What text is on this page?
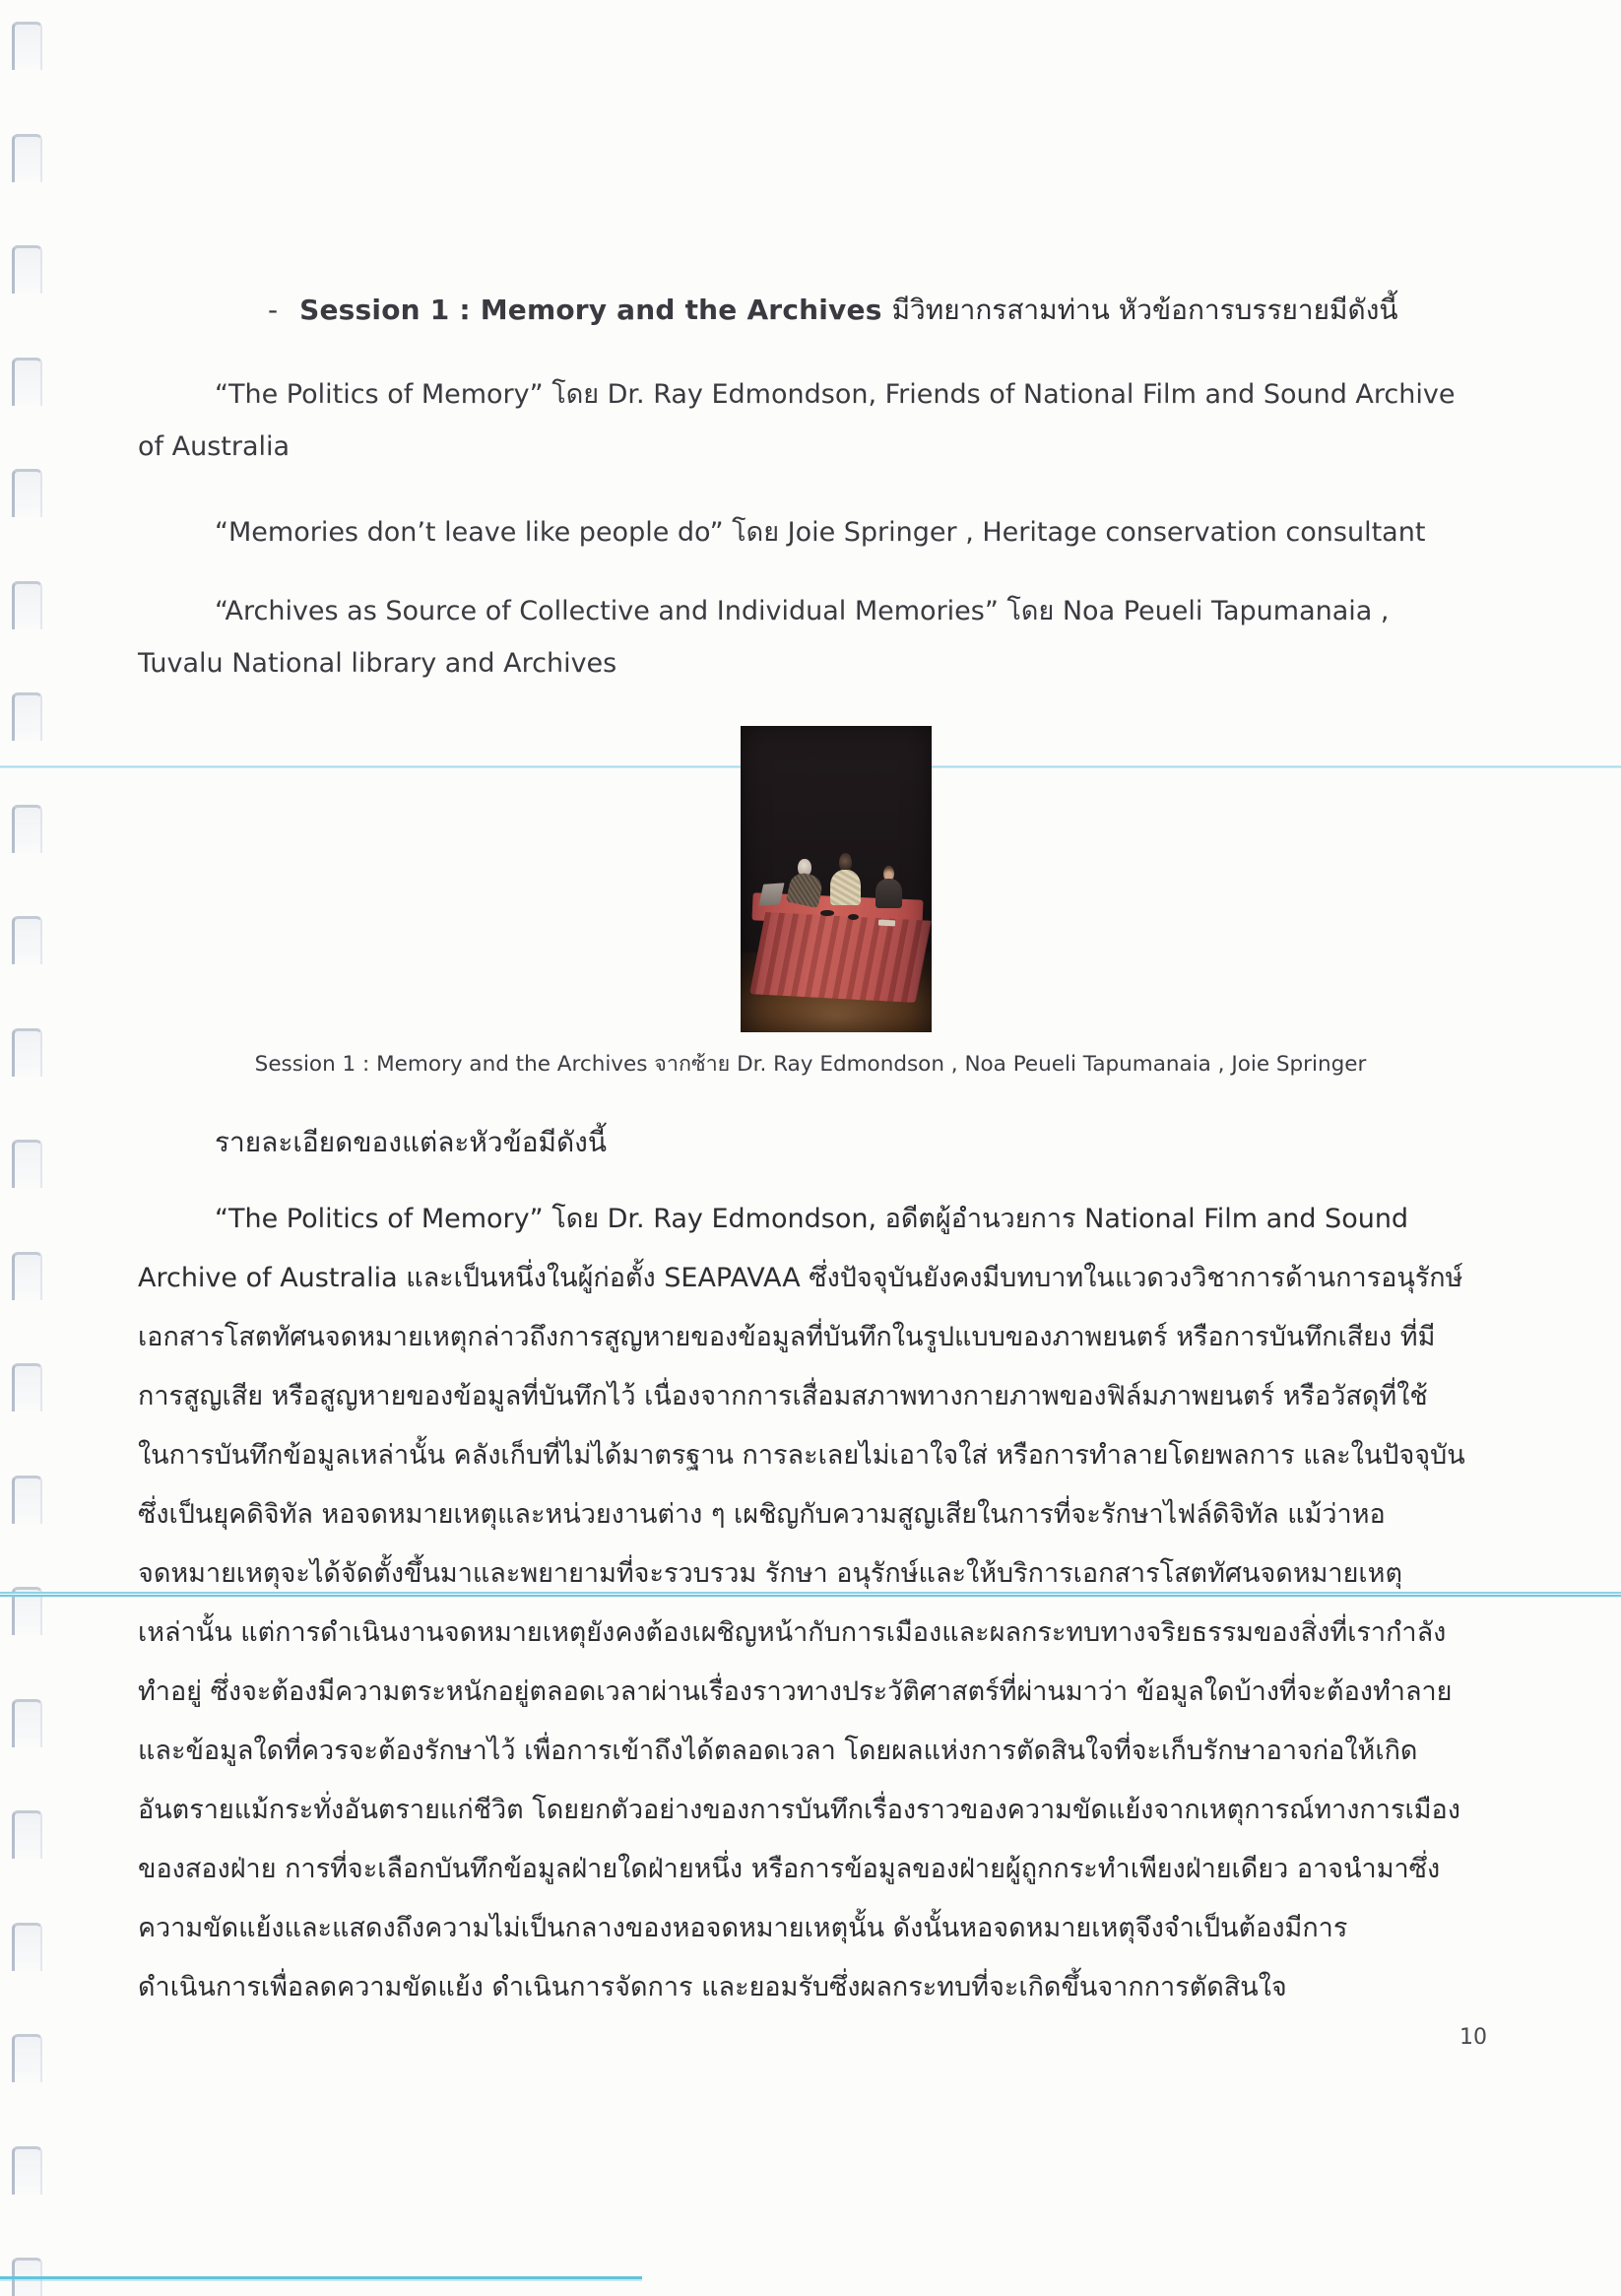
- Session 1 : Memory and the Archives มีวิทยากรสามท่าน หัวข้อการบรรยายมีดังนี้
“The Politics of Memory” โดย Dr. Ray Edmondson, Friends of National Film and Sound Archive
of Australia
“Memories don’t leave like people do” โดย Joie Springer , Heritage conservation consultant
“Archives as Source of Collective and Individual Memories” โดย Noa Peueli Tapumanaia ,
Tuvalu National library and Archives
Session 1 : Memory and the Archives จากซ้าย Dr. Ray Edmondson , Noa Peueli Tapumanaia , Joie Springer
รายละเอียดของแต่ละหัวข้อมีดังนี้
“The Politics of Memory” โดย Dr. Ray Edmondson, อดีตผู้อำนวยการ National Film and Sound
Archive of Australia และเป็นหนึ่งในผู้ก่อตั้ง SEAPAVAA ซึ่งปัจจุบันยังคงมีบทบาทในแวดวงวิชาการด้านการอนุรักษ์
เอกสารโสตทัศนจดหมายเหตุกล่าวถึงการสูญหายของข้อมูลที่บันทึกในรูปแบบของภาพยนตร์ หรือการบันทึกเสียง ที่มี
การสูญเสีย หรือสูญหายของข้อมูลที่บันทึกไว้ เนื่องจากการเสื่อมสภาพทางกายภาพของฟิล์มภาพยนตร์ หรือวัสดุที่ใช้
ในการบันทึกข้อมูลเหล่านั้น คลังเก็บที่ไม่ได้มาตรฐาน การละเลยไม่เอาใจใส่ หรือการทำลายโดยพลการ และในปัจจุบัน
ซึ่งเป็นยุคดิจิทัล หอจดหมายเหตุและหน่วยงานต่าง ๆ เผชิญกับความสูญเสียในการที่จะรักษาไฟล์ดิจิทัล แม้ว่าหอ
จดหมายเหตุจะได้จัดตั้งขึ้นมาและพยายามที่จะรวบรวม รักษา อนุรักษ์และให้บริการเอกสารโสตทัศนจดหมายเหตุ
เหล่านั้น แต่การดำเนินงานจดหมายเหตุยังคงต้องเผชิญหน้ากับการเมืองและผลกระทบทางจริยธรรมของสิ่งที่เรากำลัง
ทำอยู่ ซึ่งจะต้องมีความตระหนักอยู่ตลอดเวลาผ่านเรื่องราวทางประวัติศาสตร์ที่ผ่านมาว่า ข้อมูลใดบ้างที่จะต้องทำลาย
และข้อมูลใดที่ควรจะต้องรักษาไว้ เพื่อการเข้าถึงได้ตลอดเวลา โดยผลแห่งการตัดสินใจที่จะเก็บรักษาอาจก่อให้เกิด
อันตรายแม้กระทั่งอันตรายแก่ชีวิต โดยยกตัวอย่างของการบันทึกเรื่องราวของความขัดแย้งจากเหตุการณ์ทางการเมือง
ของสองฝ่าย การที่จะเลือกบันทึกข้อมูลฝ่ายใดฝ่ายหนึ่ง หรือการข้อมูลของฝ่ายผู้ถูกกระทำเพียงฝ่ายเดียว อาจนำมาซึ่ง
ความขัดแย้งและแสดงถึงความไม่เป็นกลางของหอจดหมายเหตุนั้น ดังนั้นหอจดหมายเหตุจึงจำเป็นต้องมีการ
ดำเนินการเพื่อลดความขัดแย้ง ดำเนินการจัดการ และยอมรับซึ่งผลกระทบที่จะเกิดขึ้นจากการตัดสินใจ
10
